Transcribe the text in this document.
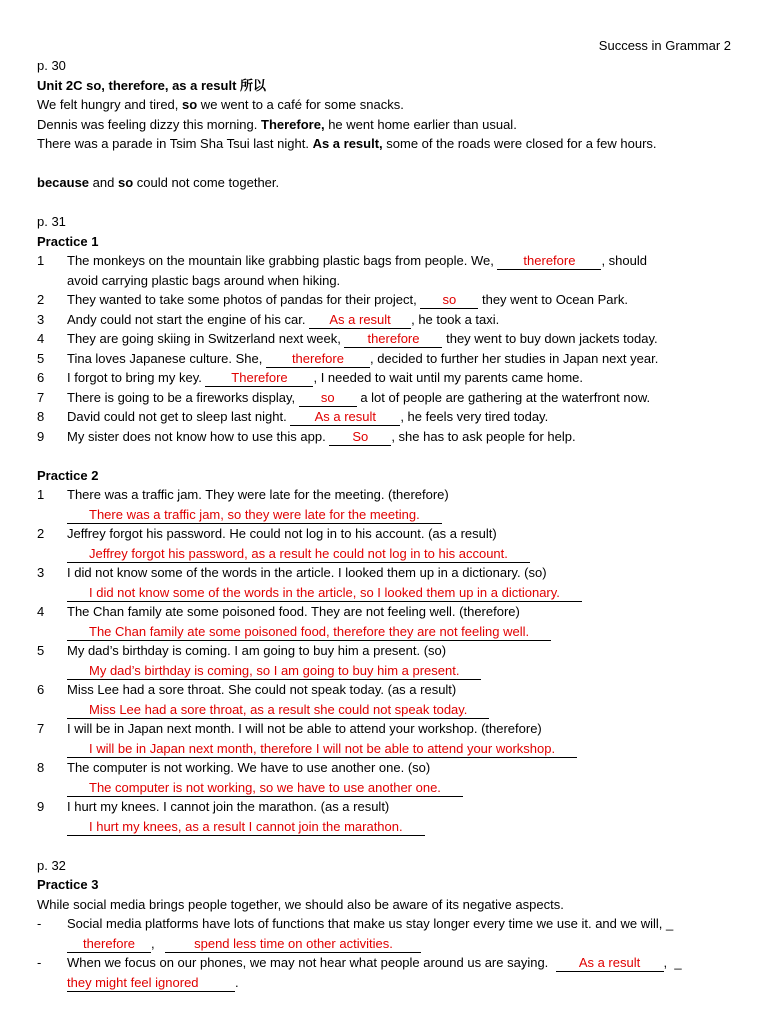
Success in Grammar 2
p. 30
Unit 2C so, therefore, as a result 所以
We felt hungry and tired, so we went to a café for some snacks.
Dennis was feeling dizzy this morning. Therefore, he went home earlier than usual.
There was a parade in Tsim Sha Tsui last night. As a result, some of the roads were closed for a few hours.
because and so could not come together.
p. 31
Practice 1
1 The monkeys on the mountain like grabbing plastic bags from people. We, therefore , should
avoid carrying plastic bags around when hiking.
2 They wanted to take some photos of pandas for their project, so they went to Ocean Park.
3 Andy could not start the engine of his car. As a result , he took a taxi.
4 They are going skiing in Switzerland next week, therefore they went to buy down jackets today.
5 Tina loves Japanese culture. She, therefore , decided to further her studies in Japan next year.
6 I forgot to bring my key. Therefore , I needed to wait until my parents came home.
7 There is going to be a fireworks display, so a lot of people are gathering at the waterfront now.
8 David could not get to sleep last night. As a result , he feels very tired today.
9 My sister does not know how to use this app. So , she has to ask people for help.
Practice 2
1 There was a traffic jam. They were late for the meeting. (therefore)
There was a traffic jam, so they were late for the meeting.
2 Jeffrey forgot his password. He could not log in to his account. (as a result)
Jeffrey forgot his password, as a result he could not log in to his account.
3 I did not know some of the words in the article. I looked them up in a dictionary. (so)
I did not know some of the words in the article, so I looked them up in a dictionary.
4 The Chan family ate some poisoned food. They are not feeling well. (therefore)
The Chan family ate some poisoned food, therefore they are not feeling well.
5 My dad’s birthday is coming. I am going to buy him a present. (so)
My dad’s birthday is coming, so I am going to buy him a present.
6 Miss Lee had a sore throat. She could not speak today. (as a result)
Miss Lee had a sore throat, as a result she could not speak today.
7 I will be in Japan next month. I will not be able to attend your workshop. (therefore)
I will be in Japan next month, therefore I will not be able to attend your workshop.
8 The computer is not working. We have to use another one. (so)
The computer is not working, so we have to use another one.
9 I hurt my knees. I cannot join the marathon. (as a result)
I hurt my knees, as a result I cannot join the marathon.
p. 32
Practice 3
While social media brings people together, we should also be aware of its negative aspects.
- Social media platforms have lots of functions that make us stay longer every time we use it. and we will, _
therefore ,	spend less time on other activities.
- When we focus on our phones, we may not hear what people around us are saying. As a result , _
they might feel ignored	.
